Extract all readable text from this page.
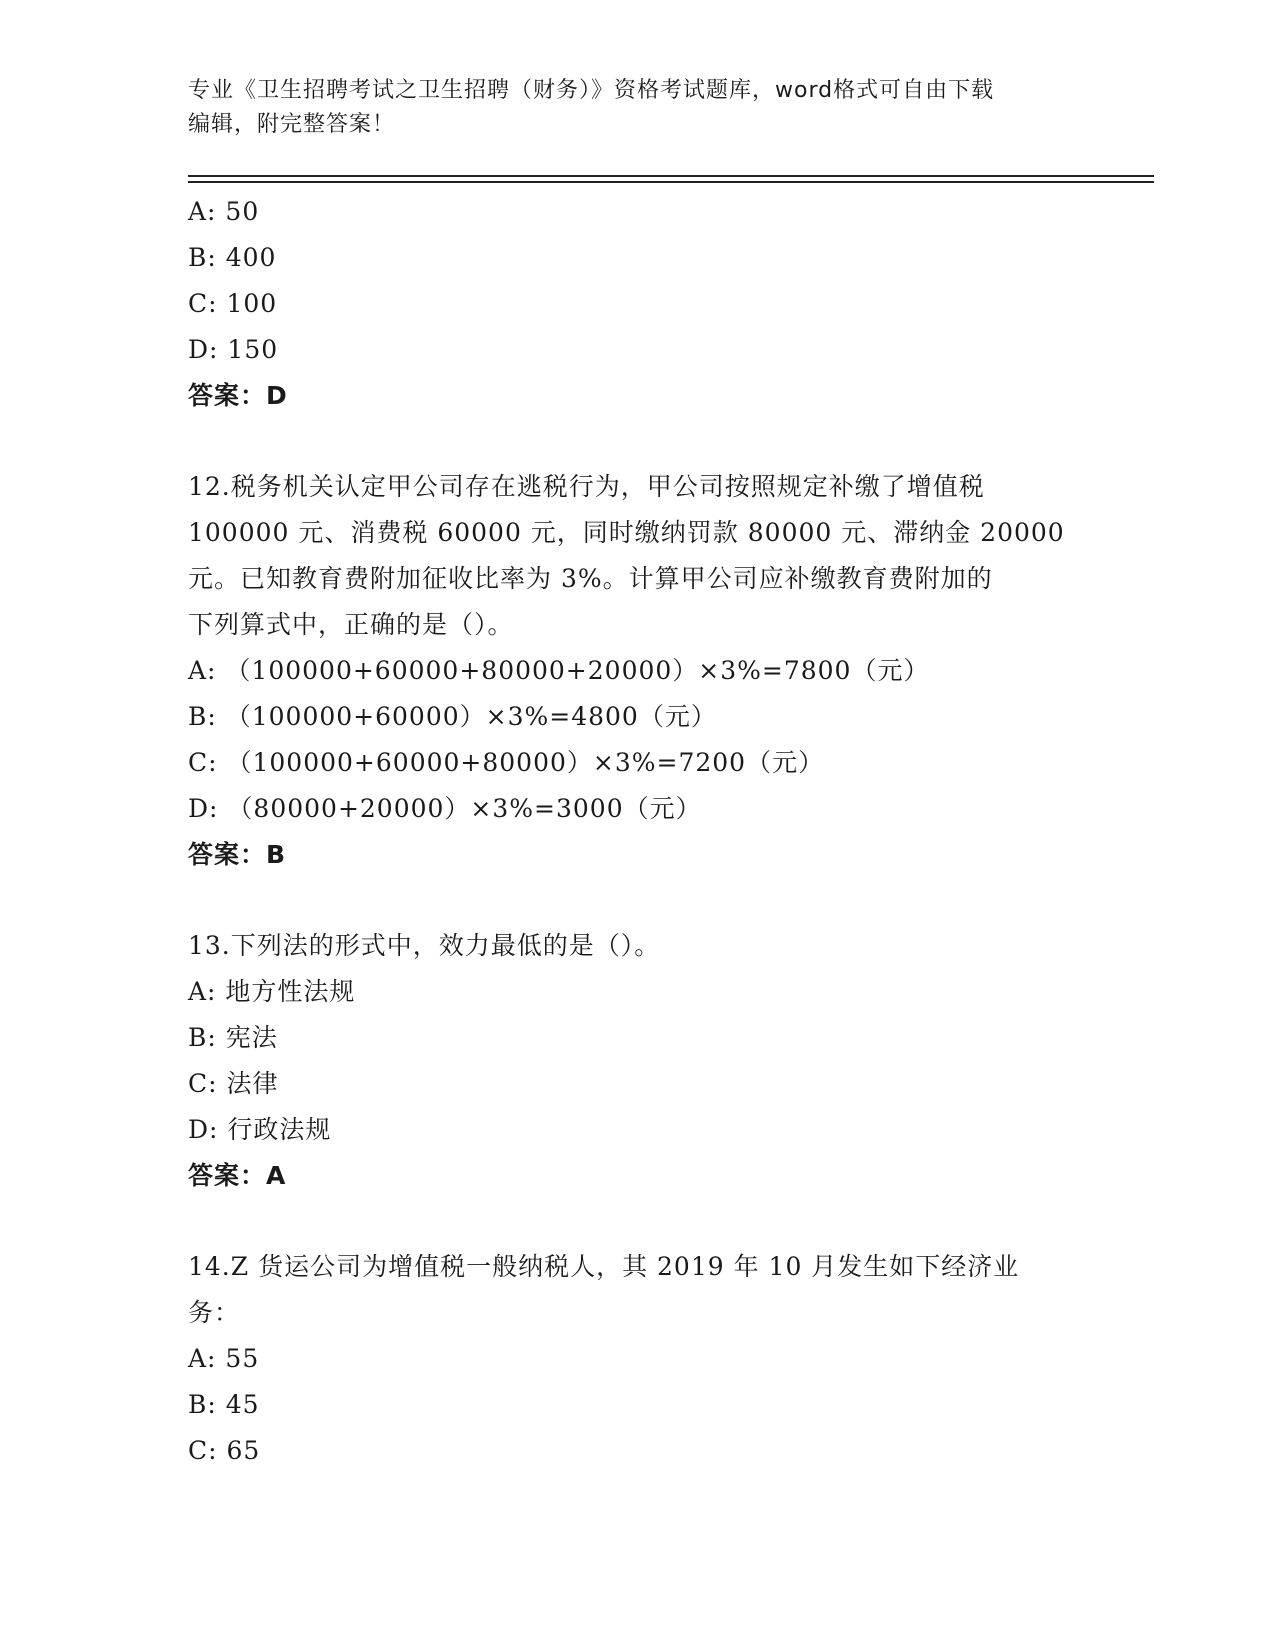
专业《卫生招聘考试之卫生招聘（财务）》资格考试题库，word格式可自由下载
编辑，附完整答案！
A: 50
B: 400
C: 100
D: 150
答案：D
12.税务机关认定甲公司存在逃税行为，甲公司按照规定补缴了增值税
100000 元、消费税 60000 元，同时缴纳罚款 80000 元、滞纳金 20000
元。已知教育费附加征收比率为 3%。计算甲公司应补缴教育费附加的
下列算式中，正确的是（）。
A: （100000+60000+80000+20000）×3%=7800（元）
B: （100000+60000）×3%=4800（元）
C: （100000+60000+80000）×3%=7200（元）
D: （80000+20000）×3%=3000（元）
答案：B
13.下列法的形式中，效力最低的是（）。
A: 地方性法规
B: 宪法
C: 法律
D: 行政法规
答案：A
14.Z 货运公司为增值税一般纳税人，其 2019 年 10 月发生如下经济业
务：
A: 55
B: 45
C: 65
